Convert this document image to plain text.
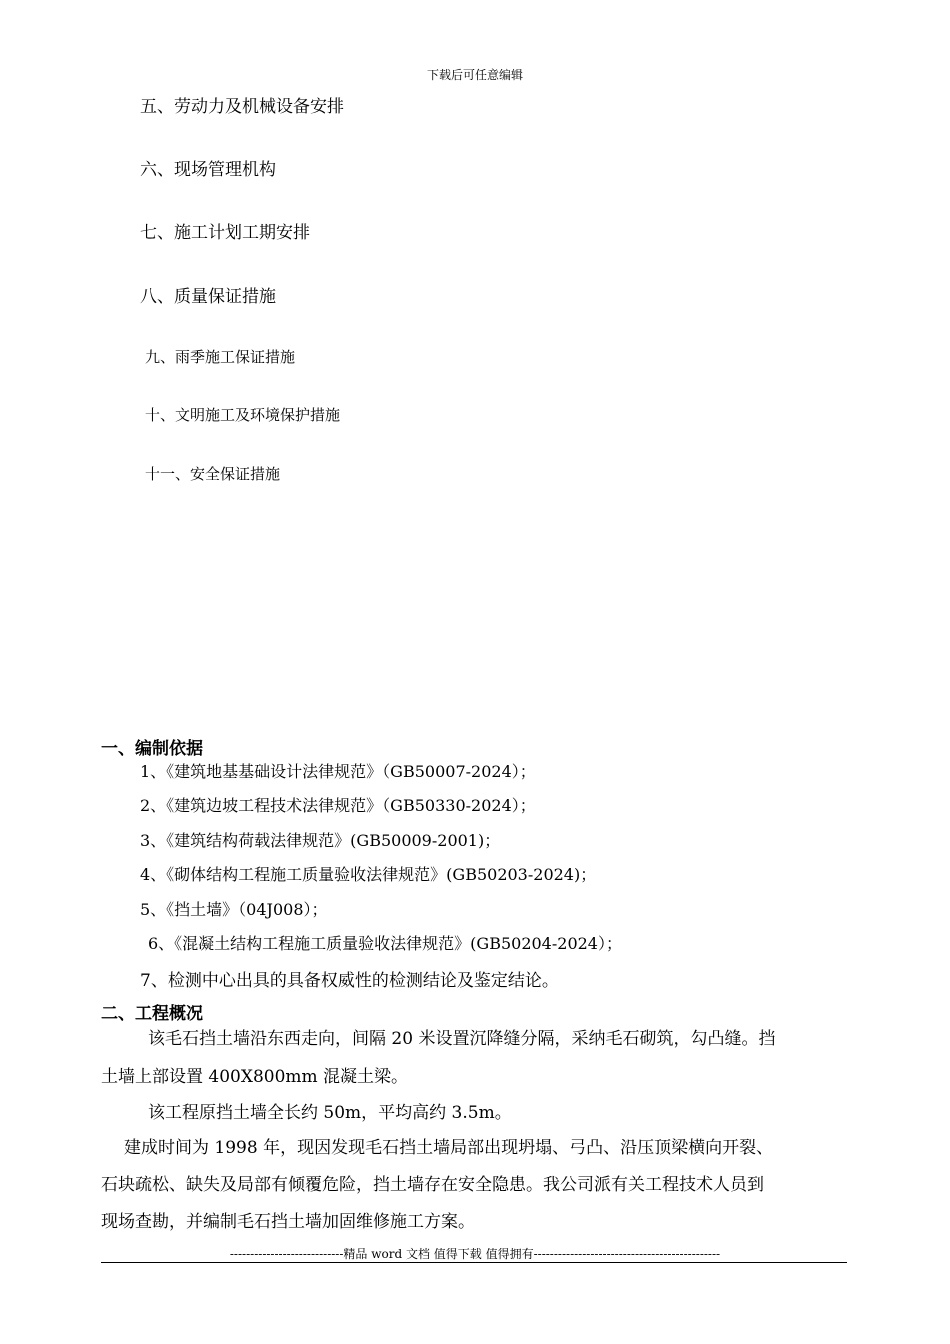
下载后可任意编辑
五、劳动力及机械设备安排
六、现场管理机构
七、施工计划工期安排
八、质量保证措施
九、雨季施工保证措施
十、文明施工及环境保护措施
十一、安全保证措施
一、编制依据
1、《建筑地基基础设计法律规范》（GB50007-2024）；
2、《建筑边坡工程技术法律规范》（GB50330-2024）；
3、《建筑结构荷载法律规范》(GB50009-2001)；
4、《砌体结构工程施工质量验收法律规范》(GB50203-2024)；
5、《挡土墙》（04J008）；
6、《混凝土结构工程施工质量验收法律规范》(GB50204-2024）；
7、检测中心出具的具备权威性的检测结论及鉴定结论。
二、工程概况
该毛石挡土墙沿东西走向，间隔 20 米设置沉降缝分隔，采纳毛石砌筑，勾凸缝。挡
土墙上部设置 400X800mm 混凝土梁。
该工程原挡土墙全长约 50m，平均高约 3.5m。
建成时间为 1998 年，现因发现毛石挡土墙局部出现坍塌、弓凸、沿压顶梁横向开裂、
石块疏松、缺失及局部有倾覆危险，挡土墙存在安全隐患。我公司派有关工程技术人员到
现场查勘，并编制毛石挡土墙加固维修施工方案。
----------------------------精品 word 文档 值得下载 值得拥有----------------------------------------------
